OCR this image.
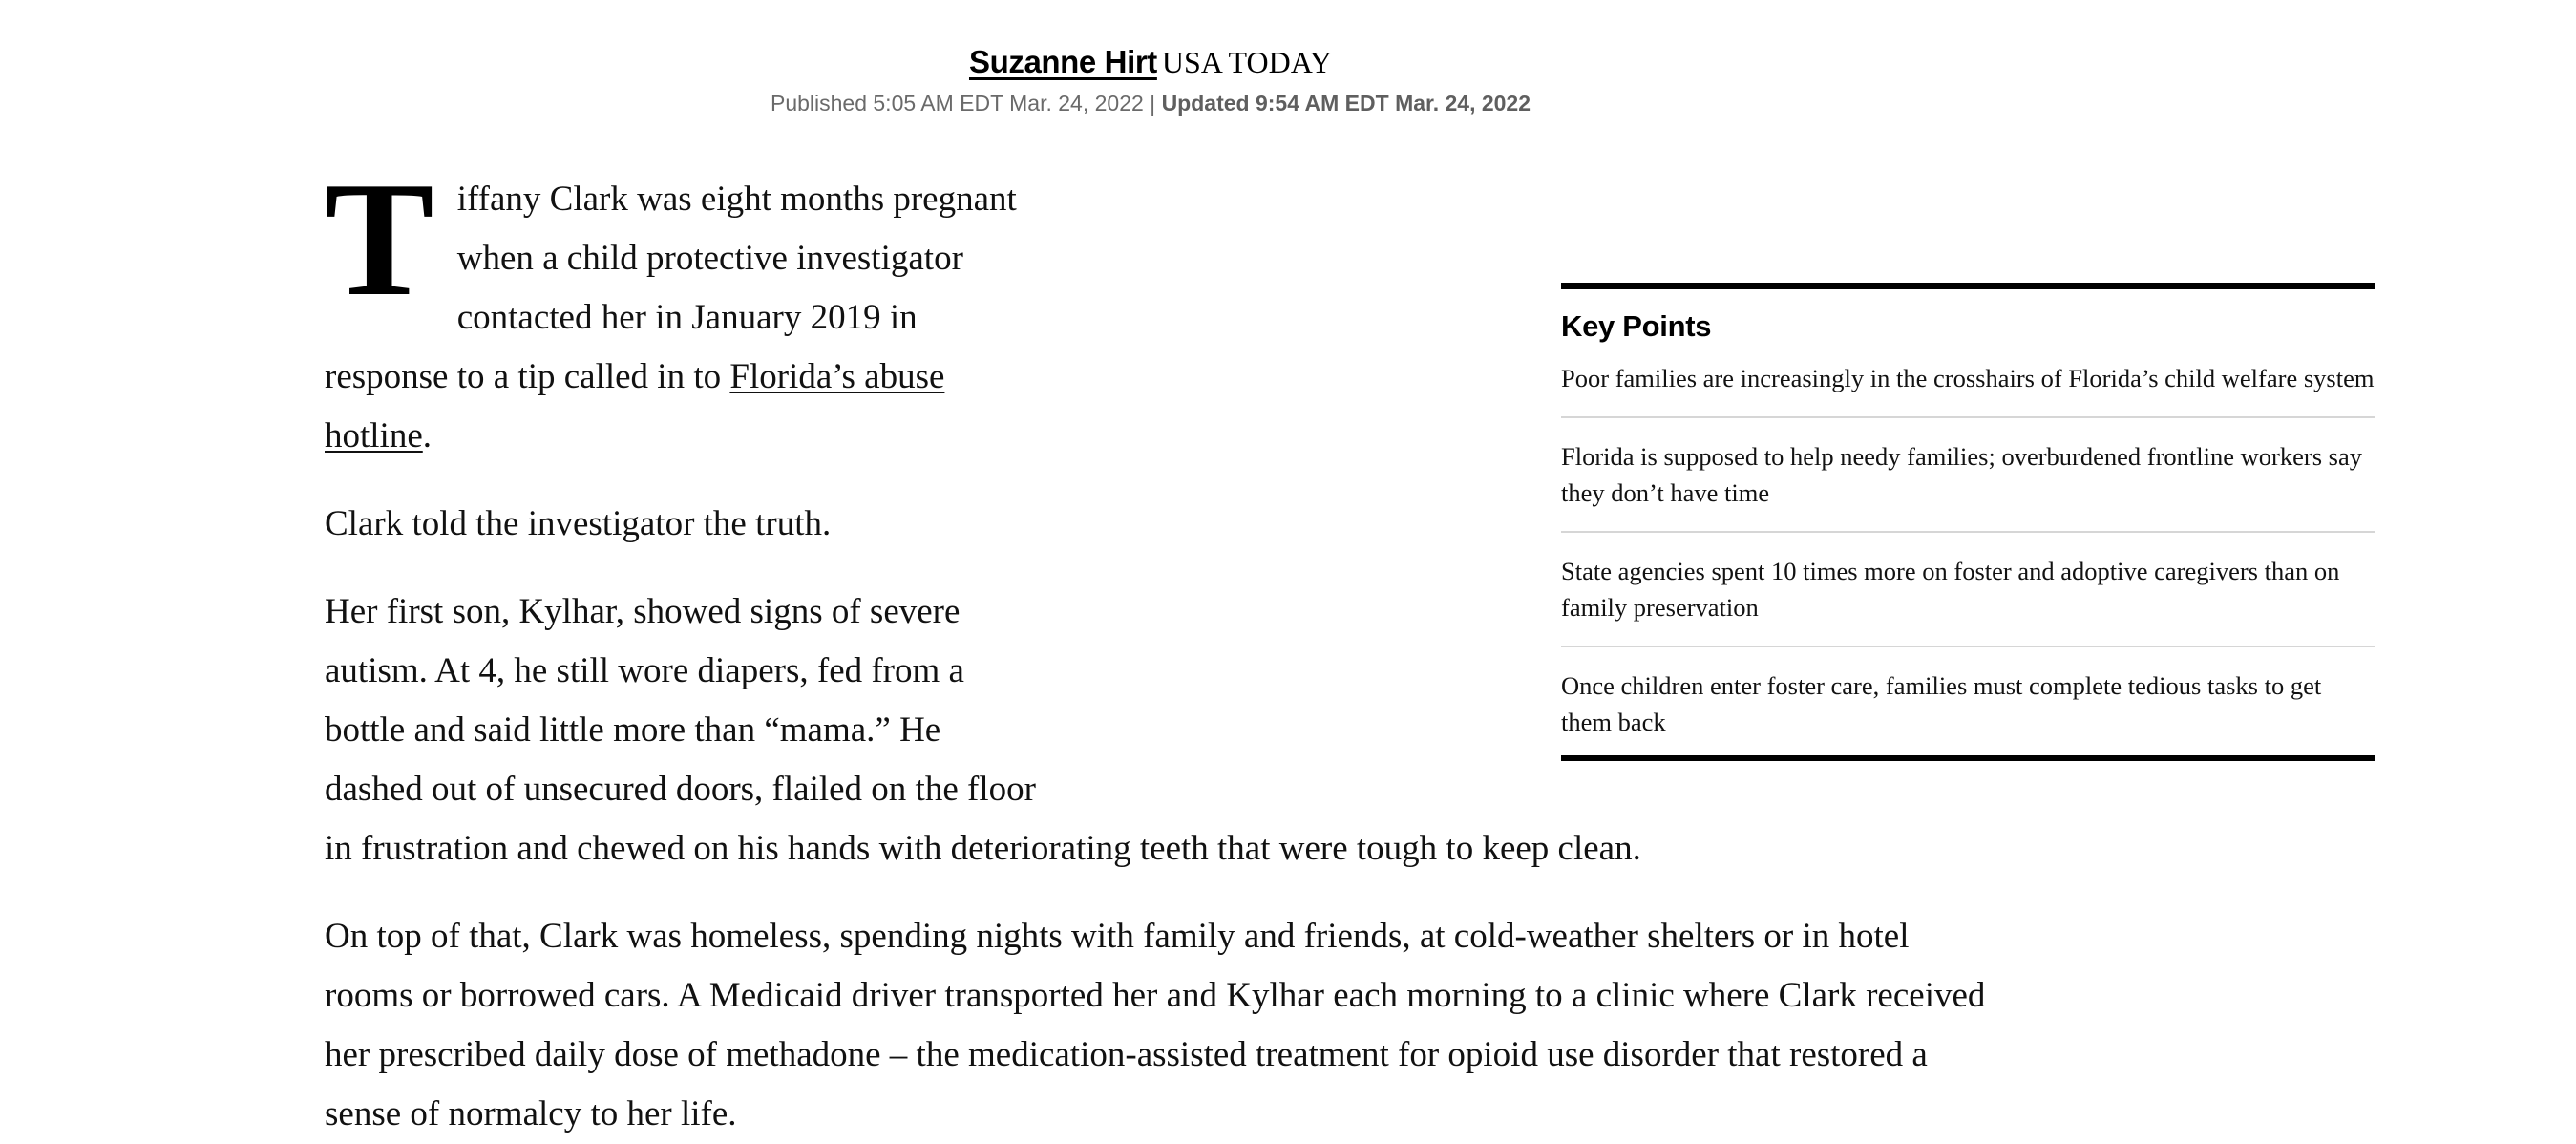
Suzanne Hirt USA TODAY
Published 5:05 AM EDT Mar. 24, 2022 | Updated 9:54 AM EDT Mar. 24, 2022

Tiffany Clark was eight months pregnant when a child protective investigator contacted her in January 2019 in response to a tip called in to Florida’s abuse hotline.

Clark told the investigator the truth.

Her first son, Kylhar, showed signs of severe autism. At 4, he still wore diapers, fed from a bottle and said little more than “mama.” He dashed out of unsecured doors, flailed on the floor in frustration and chewed on his hands with deteriorating teeth that were tough to keep clean.

On top of that, Clark was homeless, spending nights with family and friends, at cold-weather shelters or in hotel rooms or borrowed cars. A Medicaid driver transported her and Kylhar each morning to a clinic where Clark received her prescribed daily dose of methadone – the medication-assisted treatment for opioid use disorder that restored a sense of normalcy to her life.

Key Points
Poor families are increasingly in the crosshairs of Florida’s child welfare system
Florida is supposed to help needy families; overburdened frontline workers say they don’t have time
State agencies spent 10 times more on foster and adoptive caregivers than on family preservation
Once children enter foster care, families must complete tedious tasks to get them back
